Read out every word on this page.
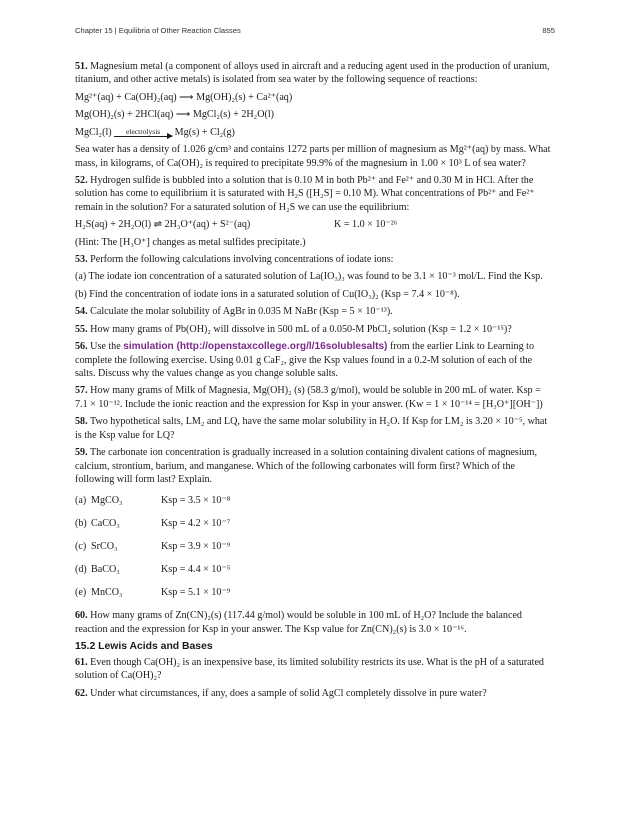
Chapter 15 | Equilibria of Other Reaction Classes	855

51. Magnesium metal (a component of alloys used in aircraft and a reducing agent used in the production of uranium, titanium, and other active metals) is isolated from sea water by the following sequence of reactions:

Mg²⁺(aq) + Ca(OH)₂(aq) ⟶ Mg(OH)₂(s) + Ca²⁺(aq)

Mg(OH)₂(s) + 2HCl(aq) ⟶ MgCl₂(s) + 2H₂O(l)

MgCl₂(l)	electrolysis	Mg(s) + Cl₂(g)

Sea water has a density of 1.026 g/cm³ and contains 1272 parts per million of magnesium as Mg²⁺(aq) by mass. What mass, in kilograms, of Ca(OH)₂ is required to precipitate 99.9% of the magnesium in 1.00 × 10³ L of sea water?

52. Hydrogen sulfide is bubbled into a solution that is 0.10 M in both Pb²⁺ and Fe²⁺ and 0.30 M in HCl. After the solution has come to equilibrium it is saturated with H₂S ([H₂S] = 0.10 M). What concentrations of Pb²⁺ and Fe²⁺ remain in the solution? For a saturated solution of H₂S we can use the equilibrium:

H₂S(aq) + 2H₂O(l) ⇌ 2H₃O⁺(aq) + S²⁻(aq)	K = 1.0 × 10⁻²⁶

(Hint: The [H₃O⁺] changes as metal sulfides precipitate.)

53. Perform the following calculations involving concentrations of iodate ions:

(a) The iodate ion concentration of a saturated solution of La(IO₃)₃ was found to be 3.1 × 10⁻³ mol/L. Find the Ksp.

(b) Find the concentration of iodate ions in a saturated solution of Cu(IO₃)₂ (Ksp = 7.4 × 10⁻⁸).

54. Calculate the molar solubility of AgBr in 0.035 M NaBr (Ksp = 5 × 10⁻¹³).

55. How many grams of Pb(OH)₂ will dissolve in 500 mL of a 0.050-M PbCl₂ solution (Ksp = 1.2 × 10⁻¹⁵)?

56. Use the simulation (http://openstaxcollege.org/l/16solublesalts) from the earlier Link to Learning to complete the following exercise. Using 0.01 g CaF₂, give the Ksp values found in a 0.2-M solution of each of the salts. Discuss why the values change as you change soluble salts.

57. How many grams of Milk of Magnesia, Mg(OH)₂ (s) (58.3 g/mol), would be soluble in 200 mL of water. Ksp = 7.1 × 10⁻¹². Include the ionic reaction and the expression for Ksp in your answer. (Kw = 1 × 10⁻¹⁴ = [H₃O⁺][OH⁻])

58. Two hypothetical salts, LM₂ and LQ, have the same molar solubility in H₂O. If Ksp for LM₂ is 3.20 × 10⁻⁵, what is the Ksp value for LQ?

59. The carbonate ion concentration is gradually increased in a solution containing divalent cations of magnesium, calcium, strontium, barium, and manganese. Which of the following carbonates will form first? Which of the following will form last? Explain.

(a) MgCO₃	Ksp = 3.5 × 10⁻⁸
(b) CaCO₃	Ksp = 4.2 × 10⁻⁷
(c) SrCO₃	Ksp = 3.9 × 10⁻⁹
(d) BaCO₃	Ksp = 4.4 × 10⁻⁵
(e) MnCO₃	Ksp = 5.1 × 10⁻⁹

60. How many grams of Zn(CN)₂(s) (117.44 g/mol) would be soluble in 100 mL of H₂O? Include the balanced reaction and the expression for Ksp in your answer. The Ksp value for Zn(CN)₂(s) is 3.0 × 10⁻¹⁶.

15.2 Lewis Acids and Bases

61. Even though Ca(OH)₂ is an inexpensive base, its limited solubility restricts its use. What is the pH of a saturated solution of Ca(OH)₂?

62. Under what circumstances, if any, does a sample of solid AgCl completely dissolve in pure water?
